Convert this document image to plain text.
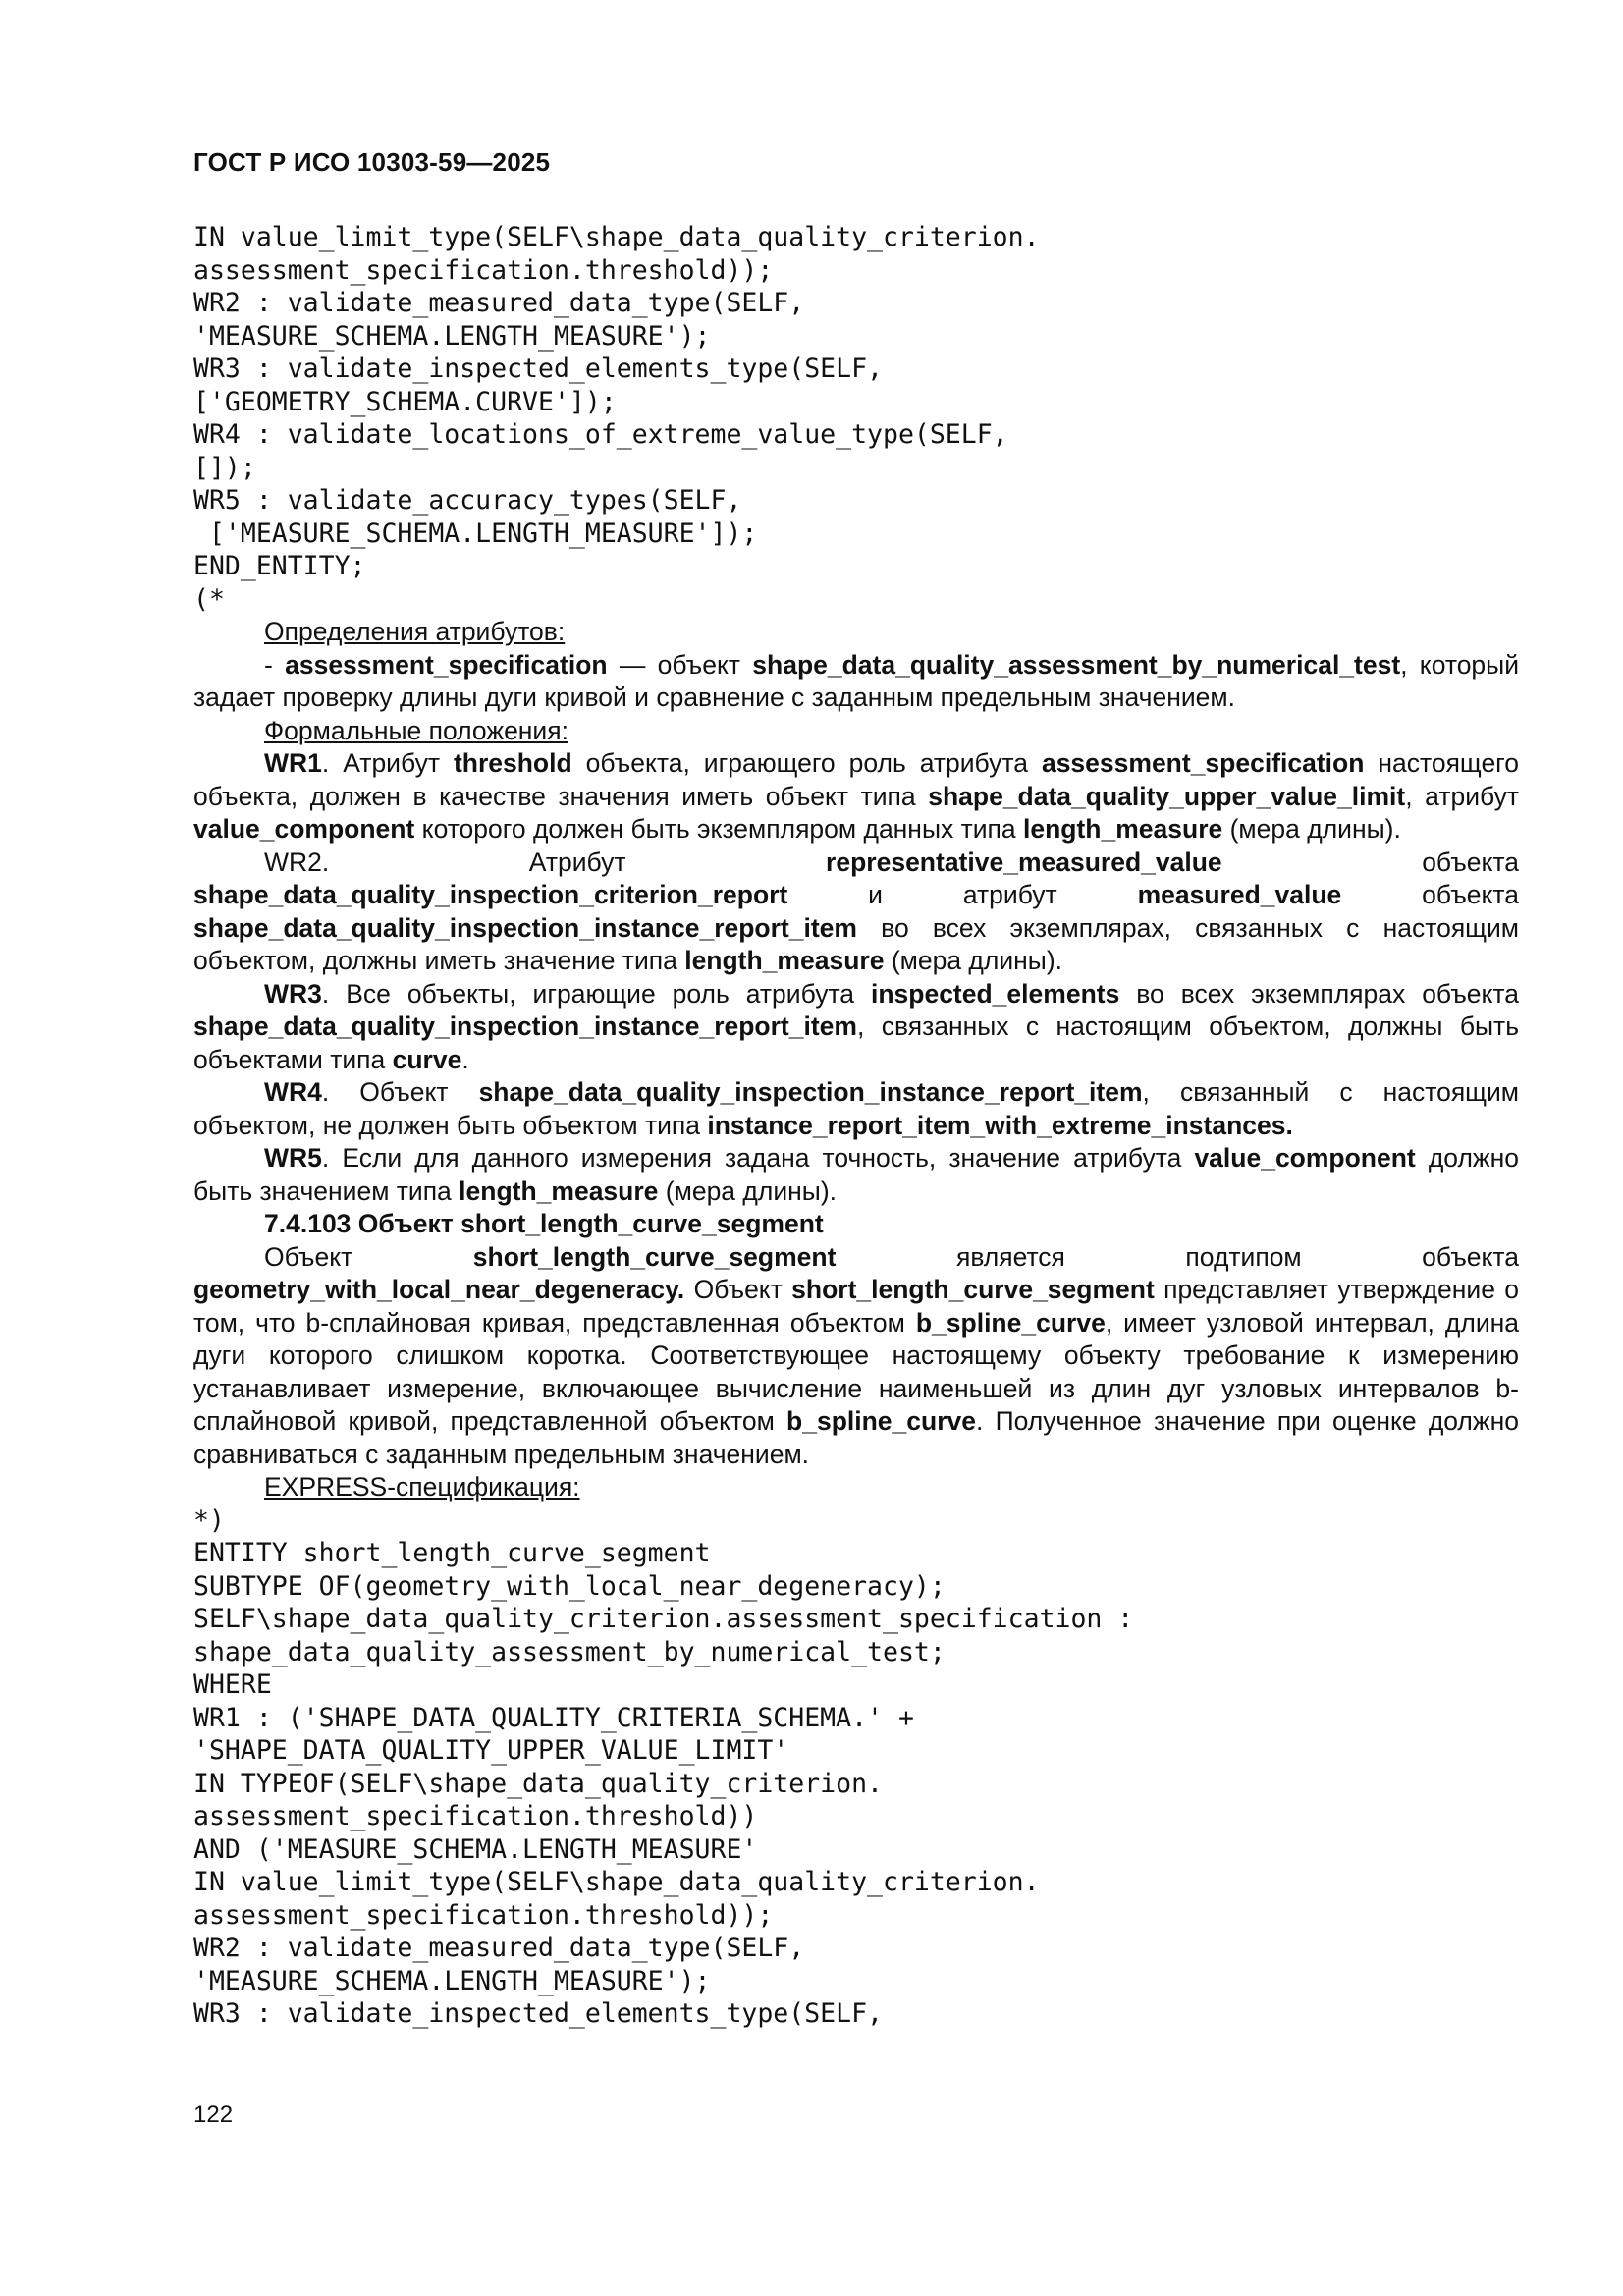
ГОСТ Р ИСО 10303-59—2025
IN value_limit_type(SELF\shape_data_quality_criterion.
assessment_specification.threshold));
WR2 : validate_measured_data_type(SELF,
'MEASURE_SCHEMA.LENGTH_MEASURE');
WR3 : validate_inspected_elements_type(SELF,
['GEOMETRY_SCHEMA.CURVE']);
WR4 : validate_locations_of_extreme_value_type(SELF,
[]);
WR5 : validate_accuracy_types(SELF,
['MEASURE_SCHEMA.LENGTH_MEASURE']);
END_ENTITY;
(*

Определения атрибутов:

- assessment_specification — объект shape_data_quality_assessment_by_numerical_test, который задает проверку длины дуги кривой и сравнение с заданным предельным значением.

Формальные положения:

WR1. Атрибут threshold объекта, играющего роль атрибута assessment_specification настоящего объекта, должен в качестве значения иметь объект типа shape_data_quality_upper_value_limit, атрибут value_component которого должен быть экземпляром данных типа length_measure (мера длины).

WR2. Атрибут representative_measured_value объекта shape_data_quality_inspection_criterion_report и атрибут measured_value объекта shape_data_quality_inspection_instance_report_item во всех экземплярах, связанных с настоящим объектом, должны иметь значение типа length_measure (мера длины).

WR3. Все объекты, играющие роль атрибута inspected_elements во всех экземплярах объекта shape_data_quality_inspection_instance_report_item, связанных с настоящим объектом, должны быть объектами типа curve.

WR4. Объект shape_data_quality_inspection_instance_report_item, связанный с настоящим объектом, не должен быть объектом типа instance_report_item_with_extreme_instances.

WR5. Если для данного измерения задана точность, значение атрибута value_component должно быть значением типа length_measure (мера длины).

7.4.103 Объект short_length_curve_segment

Объект short_length_curve_segment является подтипом объекта geometry_with_local_near_degeneracy. Объект short_length_curve_segment представляет утверждение о том, что b-сплайновая кривая, представленная объектом b_spline_curve, имеет узловой интервал, длина дуги которого слишком коротка. Соответствующее настоящему объекту требование к измерению устанавливает измерение, включающее вычисление наименьшей из длин дуг узловых интервалов b-сплайновой кривой, представленной объектом b_spline_curve. Полученное значение при оценке должно сравниваться с заданным предельным значением.

EXPRESS-спецификация:

*)
ENTITY short_length_curve_segment
SUBTYPE OF(geometry_with_local_near_degeneracy);
SELF\shape_data_quality_criterion.assessment_specification :
shape_data_quality_assessment_by_numerical_test;
WHERE
WR1 : ('SHAPE_DATA_QUALITY_CRITERIA_SCHEMA.' +
'SHAPE_DATA_QUALITY_UPPER_VALUE_LIMIT'
IN TYPEOF(SELF\shape_data_quality_criterion.
assessment_specification.threshold))
AND ('MEASURE_SCHEMA.LENGTH_MEASURE'
IN value_limit_type(SELF\shape_data_quality_criterion.
assessment_specification.threshold));
WR2 : validate_measured_data_type(SELF,
'MEASURE_SCHEMA.LENGTH_MEASURE');
WR3 : validate_inspected_elements_type(SELF,
122
